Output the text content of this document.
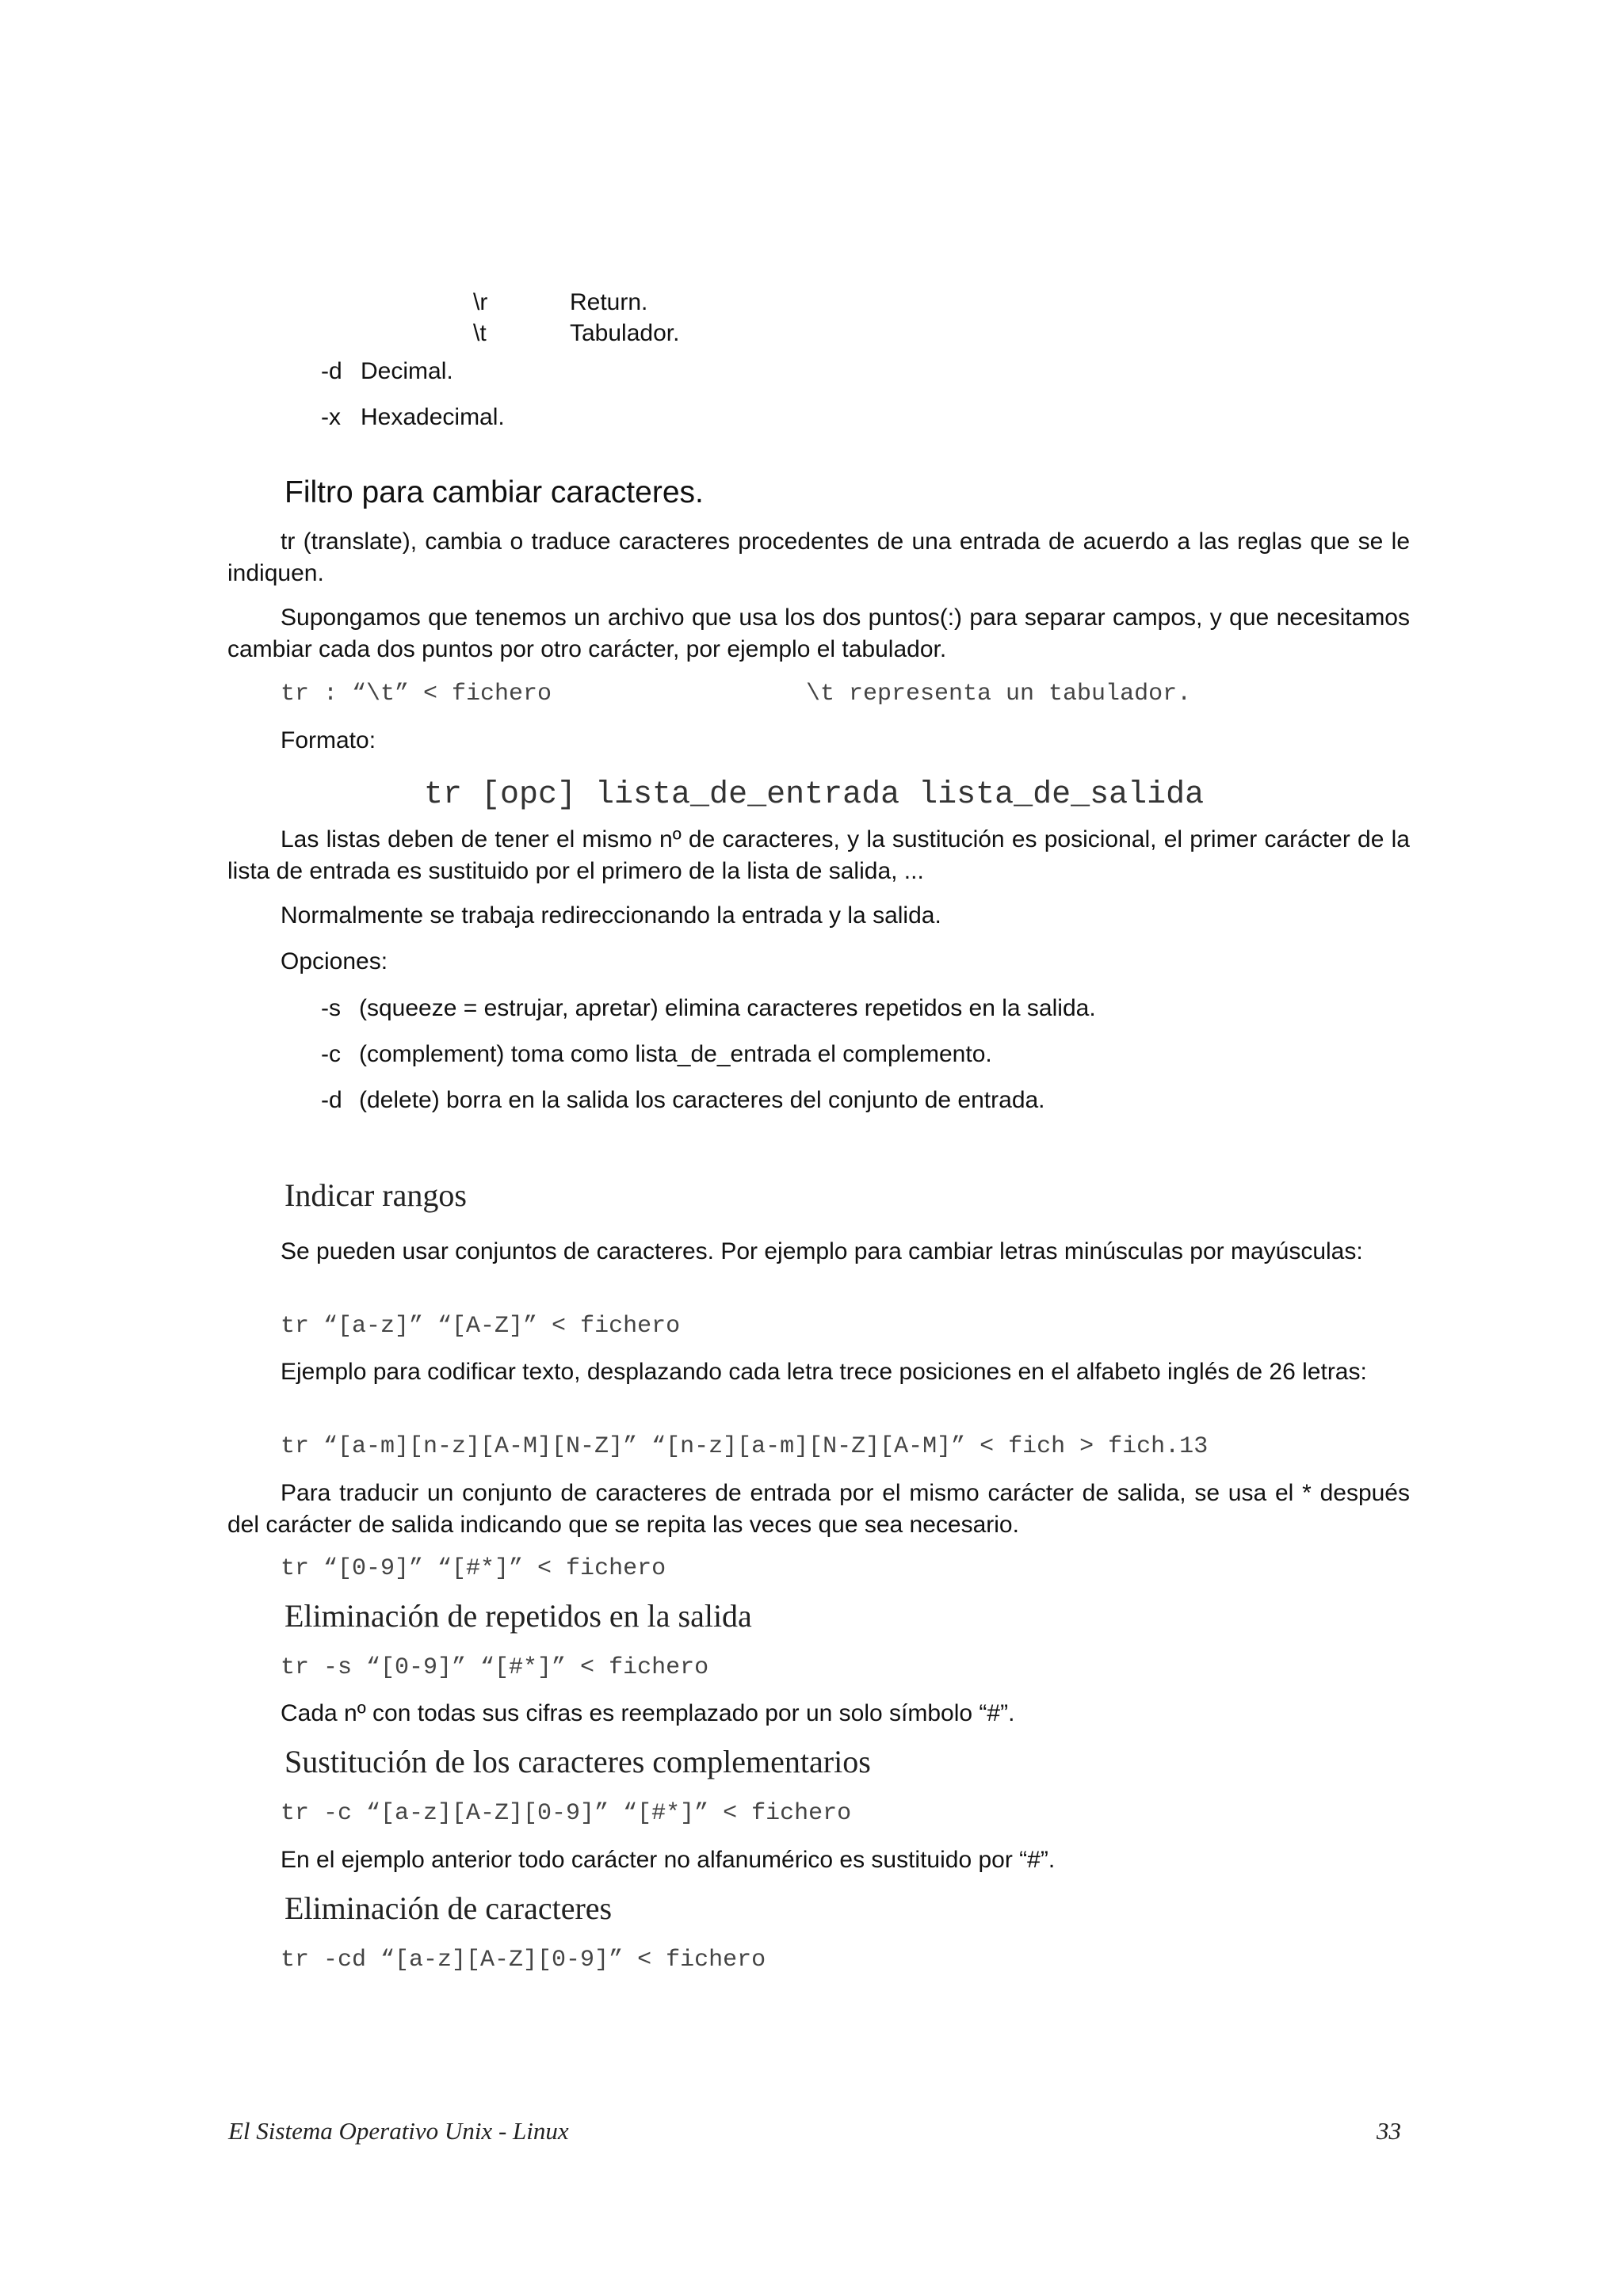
\r	Return.
\t	Tabulador.
-d Decimal.
-x Hexadecimal.
Filtro para cambiar caracteres.
tr (translate), cambia o traduce caracteres procedentes de una entrada de acuerdo a las reglas que se le indiquen.
Supongamos que tenemos un archivo que usa los dos puntos(:) para separar campos, y que necesitamos cambiar cada dos puntos por otro carácter, por ejemplo el tabulador.
tr : “\t” < fichero	\t representa un tabulador.
Formato:
tr [opc] lista_de_entrada lista_de_salida
Las listas deben de tener el mismo nº de caracteres, y la sustitución es posicional, el primer carácter de la lista de entrada es sustituido por el primero de la lista de salida, ...
Normalmente se trabaja redireccionando la entrada y la salida.
Opciones:
-s (squeeze = estrujar, apretar) elimina caracteres repetidos en la salida.
-c (complement) toma como lista_de_entrada el complemento.
-d (delete) borra en la salida los caracteres del conjunto de entrada.
Indicar rangos
Se pueden usar conjuntos de caracteres. Por ejemplo para cambiar letras minúsculas por mayúsculas:
tr “[a-z]” “[A-Z]” < fichero
Ejemplo para codificar texto, desplazando cada letra trece posiciones en el alfabeto inglés de 26 letras:
tr “[a-m][n-z][A-M][N-Z]” “[n-z][a-m][N-Z][A-M]” < fich > fich.13
Para traducir un conjunto de caracteres de entrada por el mismo carácter de salida, se usa el * después del carácter de salida indicando que se repita las veces que sea necesario.
tr “[0-9]” “[#*]” < fichero
Eliminación de repetidos en la salida
tr -s “[0-9]” “[#*]” < fichero
Cada nº con todas sus cifras es reemplazado por un solo símbolo “#”.
Sustitución de los caracteres complementarios
tr -c “[a-z][A-Z][0-9]” “[#*]” < fichero
En el ejemplo anterior todo carácter no alfanumérico es sustituido por “#”.
Eliminación de caracteres
tr -cd “[a-z][A-Z][0-9]” < fichero
El Sistema Operativo Unix - Linux	33
